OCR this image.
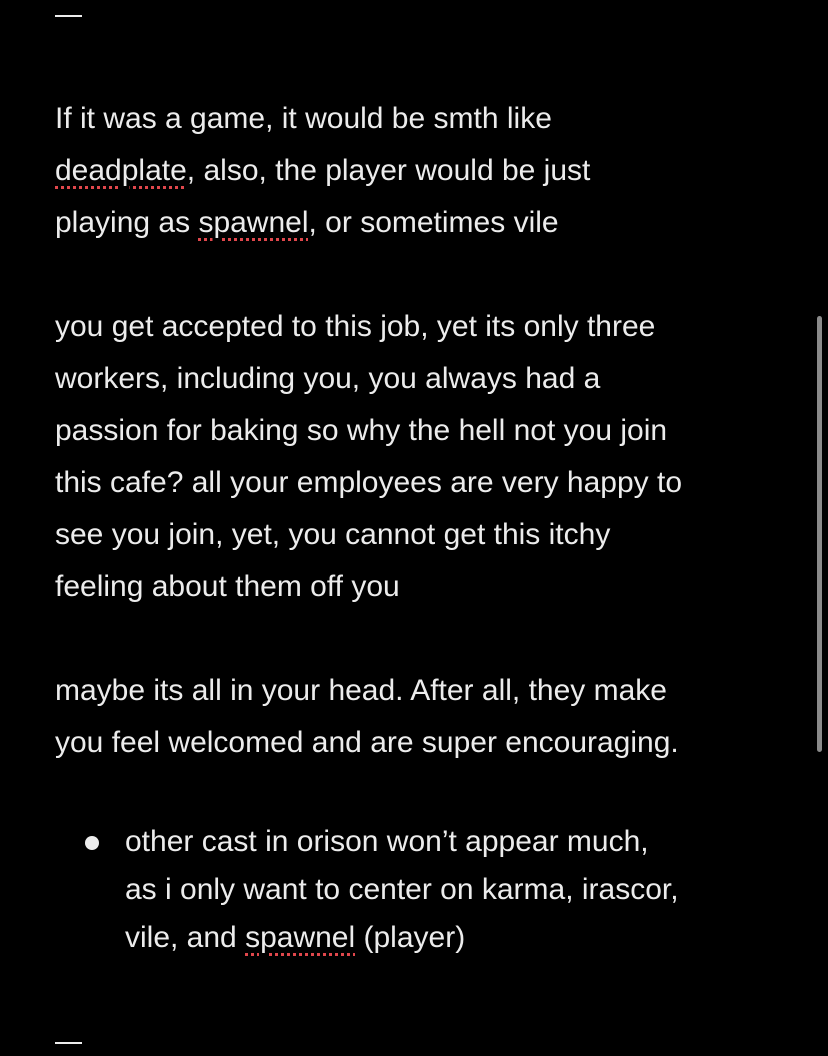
If it was a game, it would be smth like
deadplate, also, the player would be just
playing as spawnel, or sometimes vile
you get accepted to this job, yet its only three
workers, including you, you always had a
passion for baking so why the hell not you join
this cafe? all your employees are very happy to
see you join, yet, you cannot get this itchy
feeling about them off you
maybe its all in your head. After all, they make
you feel welcomed and are super encouraging.
other cast in orison won’t appear much,
as i only want to center on karma, irascor,
vile, and spawnel (player)
